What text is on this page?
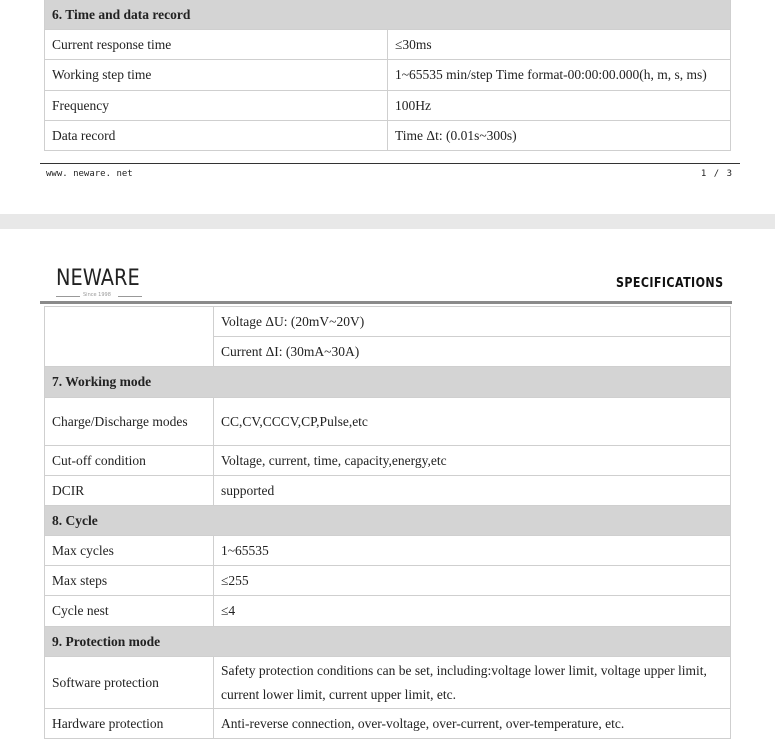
6. Time and data record	
Current response time	≤30ms
Working step time	1~65535 min/step Time format-00:00:00.000(h, m, s, ms)
Frequency	100Hz
Data record	Time Δt: (0.01s~300s)
www. neware. net	1 / 3
NEWARE
Since 1998
SPECIFICATIONS
	Voltage ΔU: (20mV~20V)
	Current ΔI: (30mA~30A)
7. Working mode	
Charge/Discharge modes	CC,CV,CCCV,CP,Pulse,etc
Cut-off condition	Voltage, current, time, capacity,energy,etc
DCIR	supported
8. Cycle	
Max cycles	1~65535
Max steps	≤255
Cycle nest	≤4
9. Protection mode	
Software protection	Safety protection conditions can be set, including:voltage lower limit, voltage upper limit, current lower limit, current upper limit, etc.
Hardware protection	Anti-reverse connection, over-voltage, over-current, over-temperature, etc.
